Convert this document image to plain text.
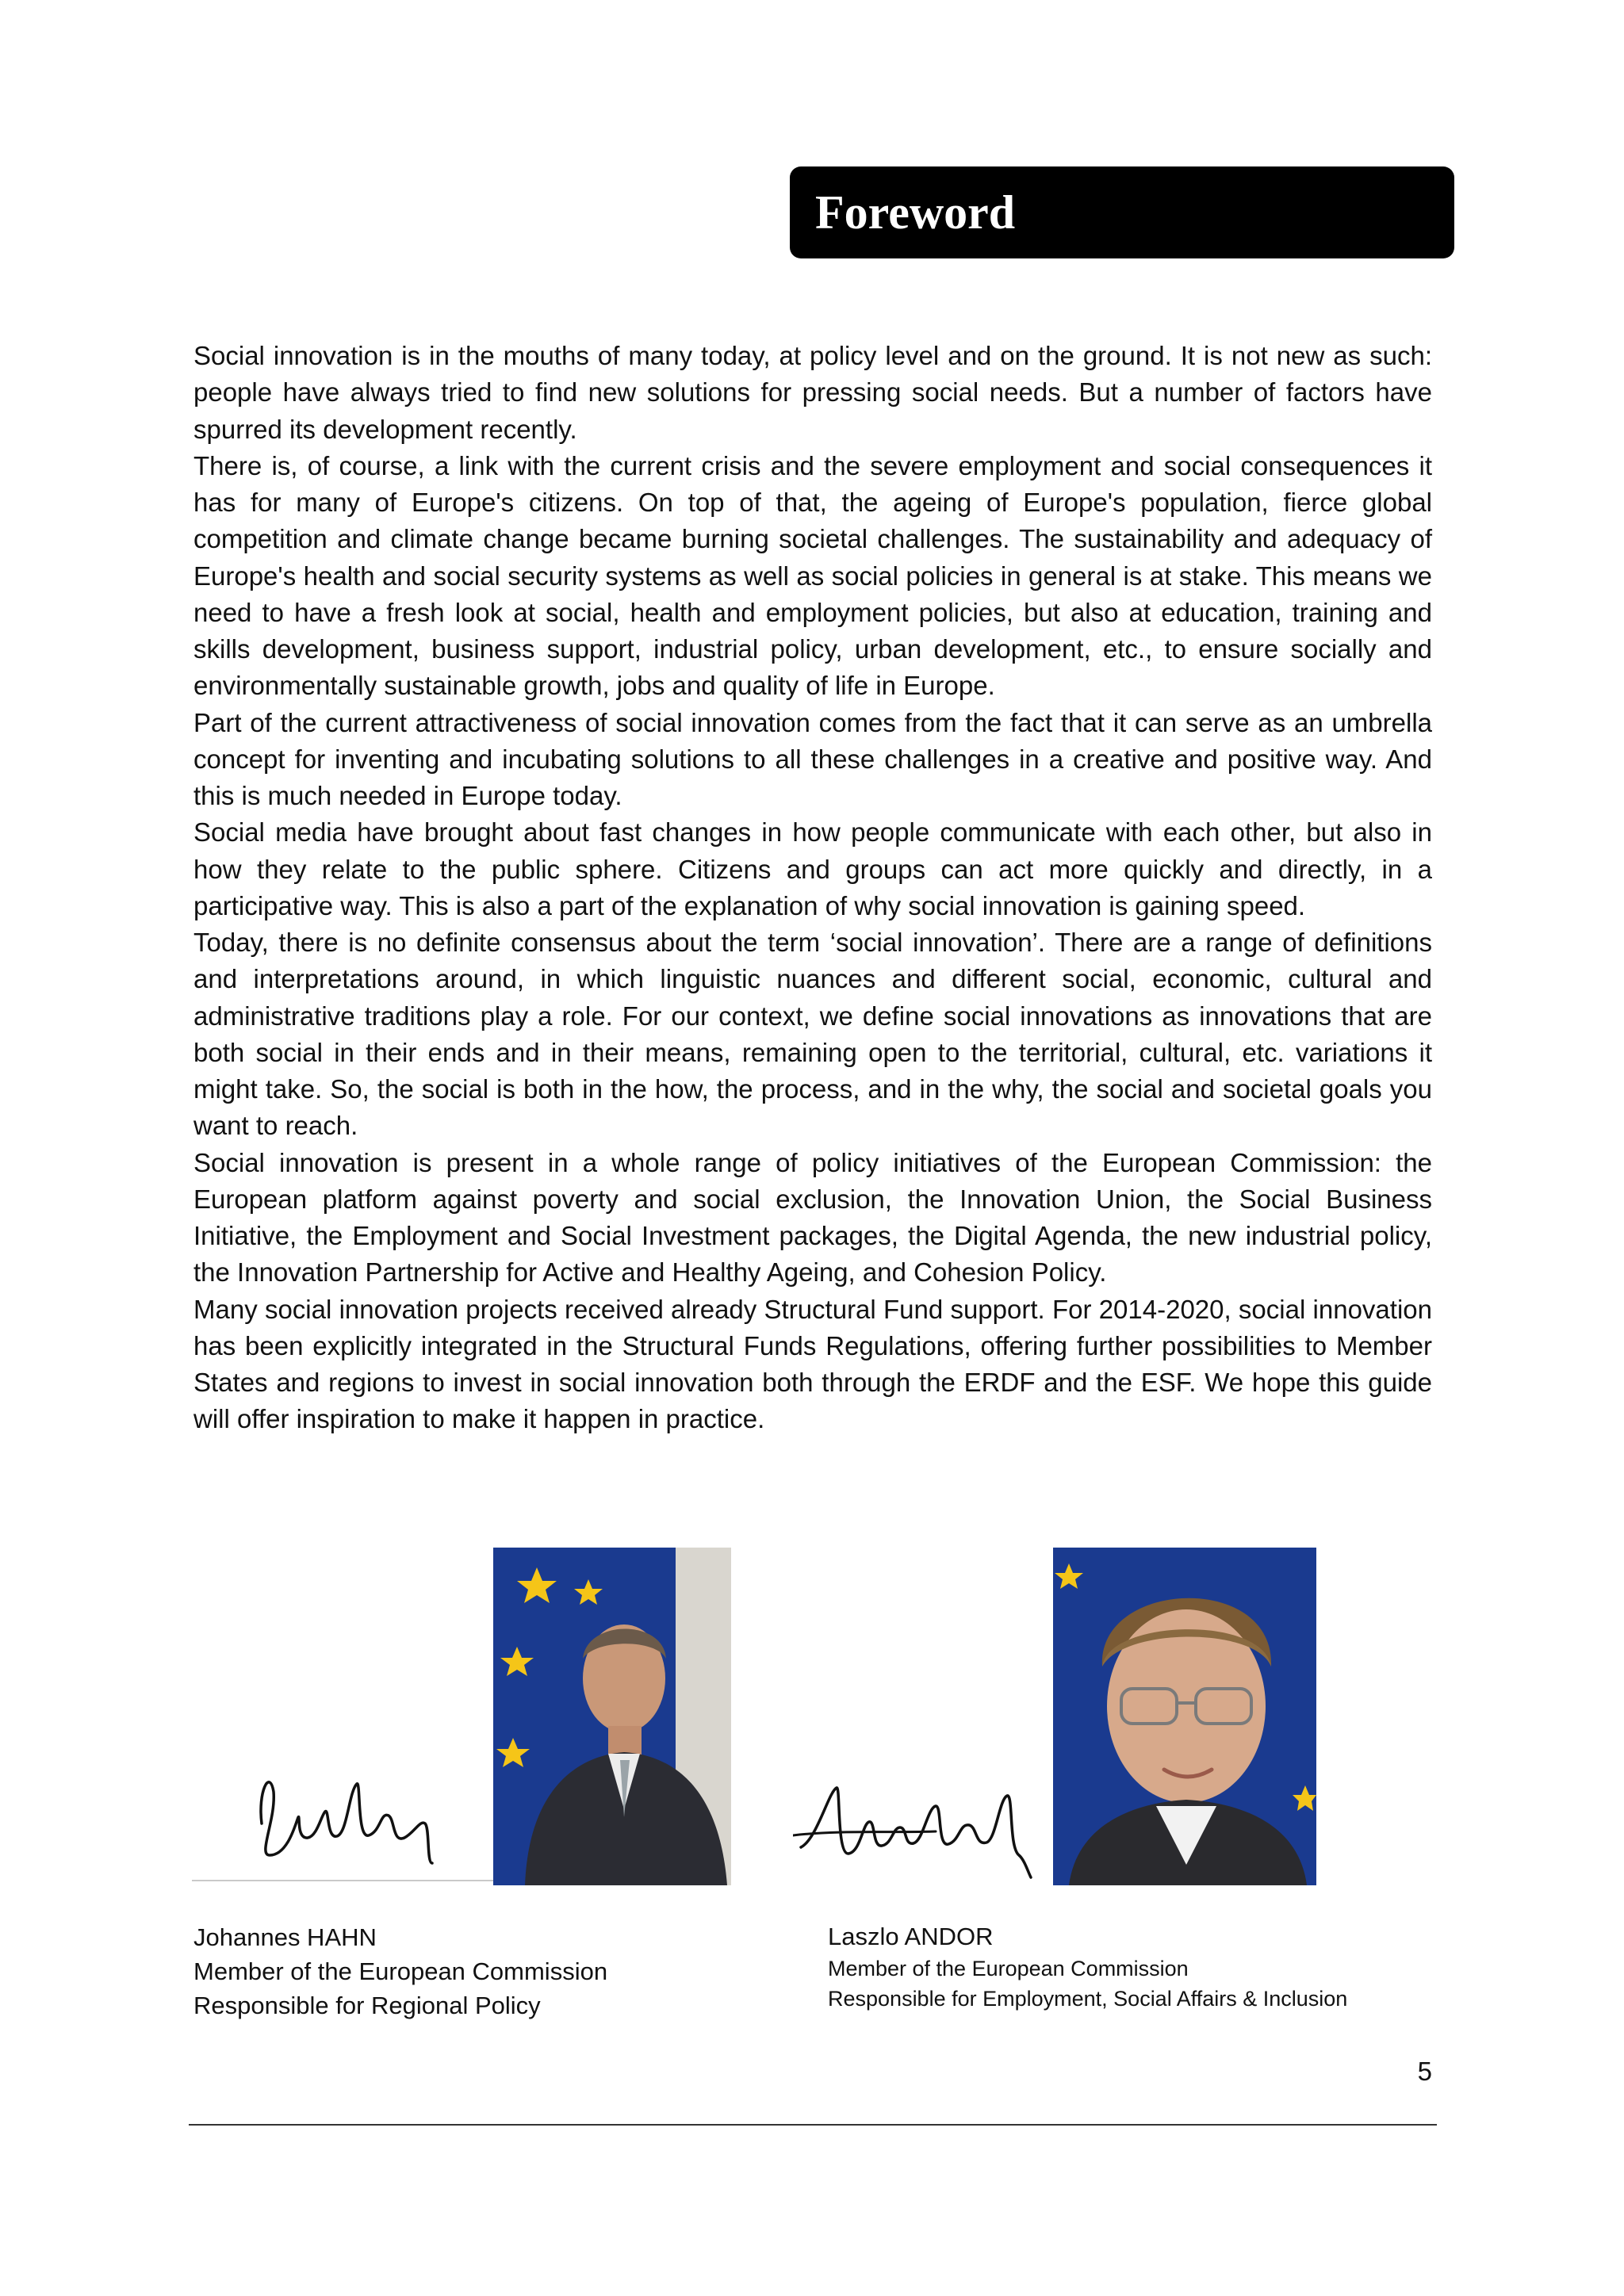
Foreword

Social innovation is in the mouths of many today, at policy level and on the ground. It is not new as such: people have always tried to find new solutions for pressing social needs. But a number of factors have spurred its development recently.

There is, of course, a link with the current crisis and the severe employment and social consequences it has for many of Europe's citizens. On top of that, the ageing of Europe's population, fierce global competition and climate change became burning societal challenges. The sustainability and adequacy of Europe's health and social security systems as well as social policies in general is at stake. This means we need to have a fresh look at social, health and employment policies, but also at education, training and skills development, business support, industrial policy, urban development, etc., to ensure socially and environmentally sustainable growth, jobs and quality of life in Europe.

Part of the current attractiveness of social innovation comes from the fact that it can serve as an umbrella concept for inventing and incubating solutions to all these challenges in a creative and positive way. And this is much needed in Europe today.

Social media have brought about fast changes in how people communicate with each other, but also in how they relate to the public sphere. Citizens and groups can act more quickly and directly, in a participative way. This is also a part of the explanation of why social innovation is gaining speed.

Today, there is no definite consensus about the term ‘social innovation’. There are a range of definitions and interpretations around, in which linguistic nuances and different social, economic, cultural and administrative traditions play a role. For our context, we define social innovations as innovations that are both social in their ends and in their means, remaining open to the territorial, cultural, etc. variations it might take. So, the social is both in the how, the process, and in the why, the social and societal goals you want to reach.

Social innovation is present in a whole range of policy initiatives of the European Commission: the European platform against poverty and social exclusion, the Innovation Union, the Social Business Initiative, the Employment and Social Investment packages, the Digital Agenda, the new industrial policy, the Innovation Partnership for Active and Healthy Ageing, and Cohesion Policy.

Many social innovation projects received already Structural Fund support. For 2014-2020, social innovation has been explicitly integrated in the Structural Funds Regulations, offering further possibilities to Member States and regions to invest in social innovation both through the ERDF and the ESF. We hope this guide will offer inspiration to make it happen in practice.

Johannes HAHN
Member of the European Commission
Responsible for Regional Policy
Laszlo ANDOR
Member of the European Commission
Responsible for Employment, Social Affairs & Inclusion
5
